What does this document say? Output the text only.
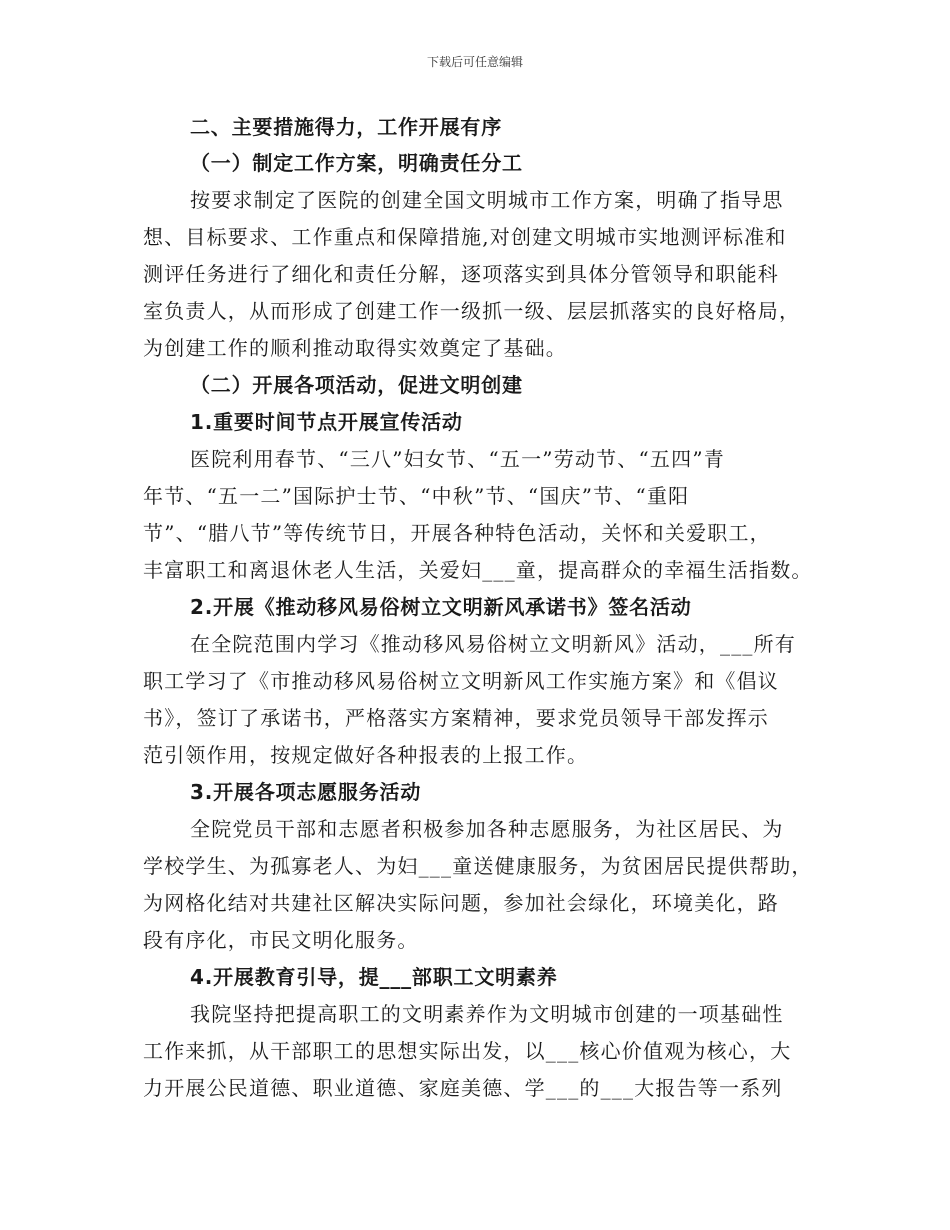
下载后可任意编辑
二、主要措施得力，工作开展有序
（一）制定工作方案，明确责任分工
按要求制定了医院的创建全国文明城市工作方案，明确了指导思
想、目标要求、工作重点和保障措施,对创建文明城市实地测评标准和
测评任务进行了细化和责任分解，逐项落实到具体分管领导和职能科
室负责人，从而形成了创建工作一级抓一级、层层抓落实的良好格局，
为创建工作的顺利推动取得实效奠定了基础。
（二）开展各项活动，促进文明创建
1.重要时间节点开展宣传活动
医院利用春节、“三八”妇女节、“五一”劳动节、“五四”青
年节、“五一二”国际护士节、“中秋”节、“国庆”节、“重阳
节”、“腊八节”等传统节日，开展各种特色活动，关怀和关爱职工，
丰富职工和离退休老人生活，关爱妇___童，提高群众的幸福生活指数。
2.开展《推动移风易俗树立文明新风承诺书》签名活动
在全院范围内学习《推动移风易俗树立文明新风》活动，___所有
职工学习了《市推动移风易俗树立文明新风工作实施方案》和《倡议
书》，签订了承诺书，严格落实方案精神，要求党员领导干部发挥示
范引领作用，按规定做好各种报表的上报工作。
3.开展各项志愿服务活动
全院党员干部和志愿者积极参加各种志愿服务，为社区居民、为
学校学生、为孤寡老人、为妇___童送健康服务，为贫困居民提供帮助，
为网格化结对共建社区解决实际问题，参加社会绿化，环境美化，路
段有序化，市民文明化服务。
4.开展教育引导，提___部职工文明素养
我院坚持把提高职工的文明素养作为文明城市创建的一项基础性
工作来抓，从干部职工的思想实际出发，以___核心价值观为核心，大
力开展公民道德、职业道德、家庭美德、学___的___大报告等一系列
